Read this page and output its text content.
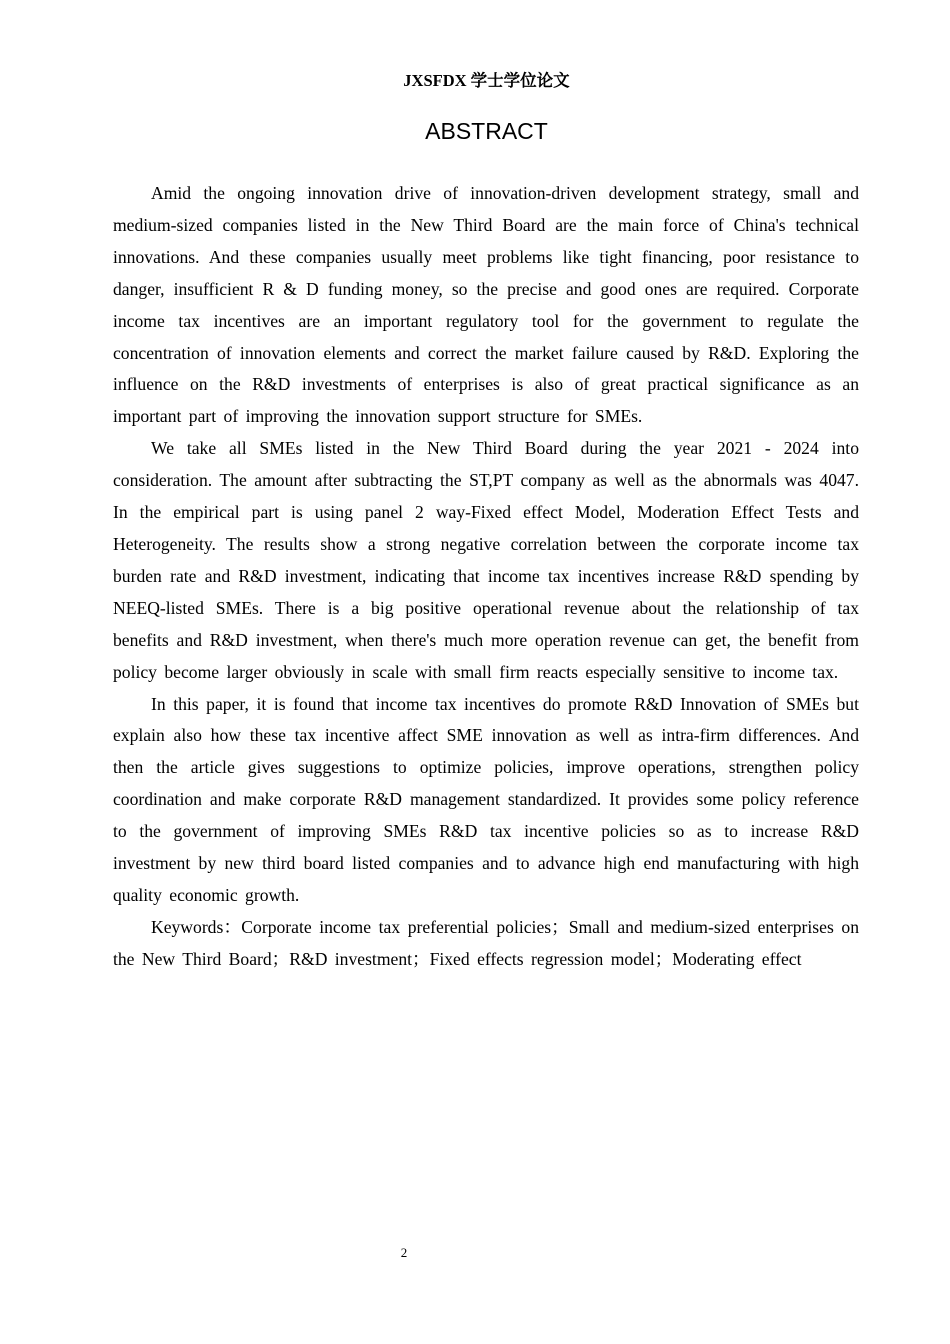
JXSFDX 学士学位论文
ABSTRACT

Amid the ongoing innovation drive of innovation-driven development strategy, small and medium-sized companies listed in the New Third Board are the main force of China's technical innovations. And these companies usually meet problems like tight financing, poor resistance to danger, insufficient R & D funding money, so the precise and good ones are required. Corporate income tax incentives are an important regulatory tool for the government to regulate the concentration of innovation elements and correct the market failure caused by R&D. Exploring the influence on the R&D investments of enterprises is also of great practical significance as an important part of improving the innovation support structure for SMEs.

We take all SMEs listed in the New Third Board during the year 2021 - 2024 into consideration. The amount after subtracting the ST,PT company as well as the abnormals was 4047. In the empirical part is using panel 2 way-Fixed effect Model, Moderation Effect Tests and Heterogeneity. The results show a strong negative correlation between the corporate income tax burden rate and R&D investment, indicating that income tax incentives increase R&D spending by NEEQ-listed SMEs. There is a big positive operational revenue about the relationship of tax benefits and R&D investment, when there's much more operation revenue can get, the benefit from policy become larger obviously in scale with small firm reacts especially sensitive to income tax.

In this paper, it is found that income tax incentives do promote R&D Innovation of SMEs but explain also how these tax incentive affect SME innovation as well as intra-firm differences. And then the article gives suggestions to optimize policies, improve operations, strengthen policy coordination and make corporate R&D management standardized. It provides some policy reference to the government of improving SMEs R&D tax incentive policies so as to increase R&D investment by new third board listed companies and to advance high end manufacturing with high quality economic growth.

Keywords：Corporate income tax preferential policies；Small and medium-sized enterprises on the New Third Board；R&D investment；Fixed effects regression model；Moderating effect

2
